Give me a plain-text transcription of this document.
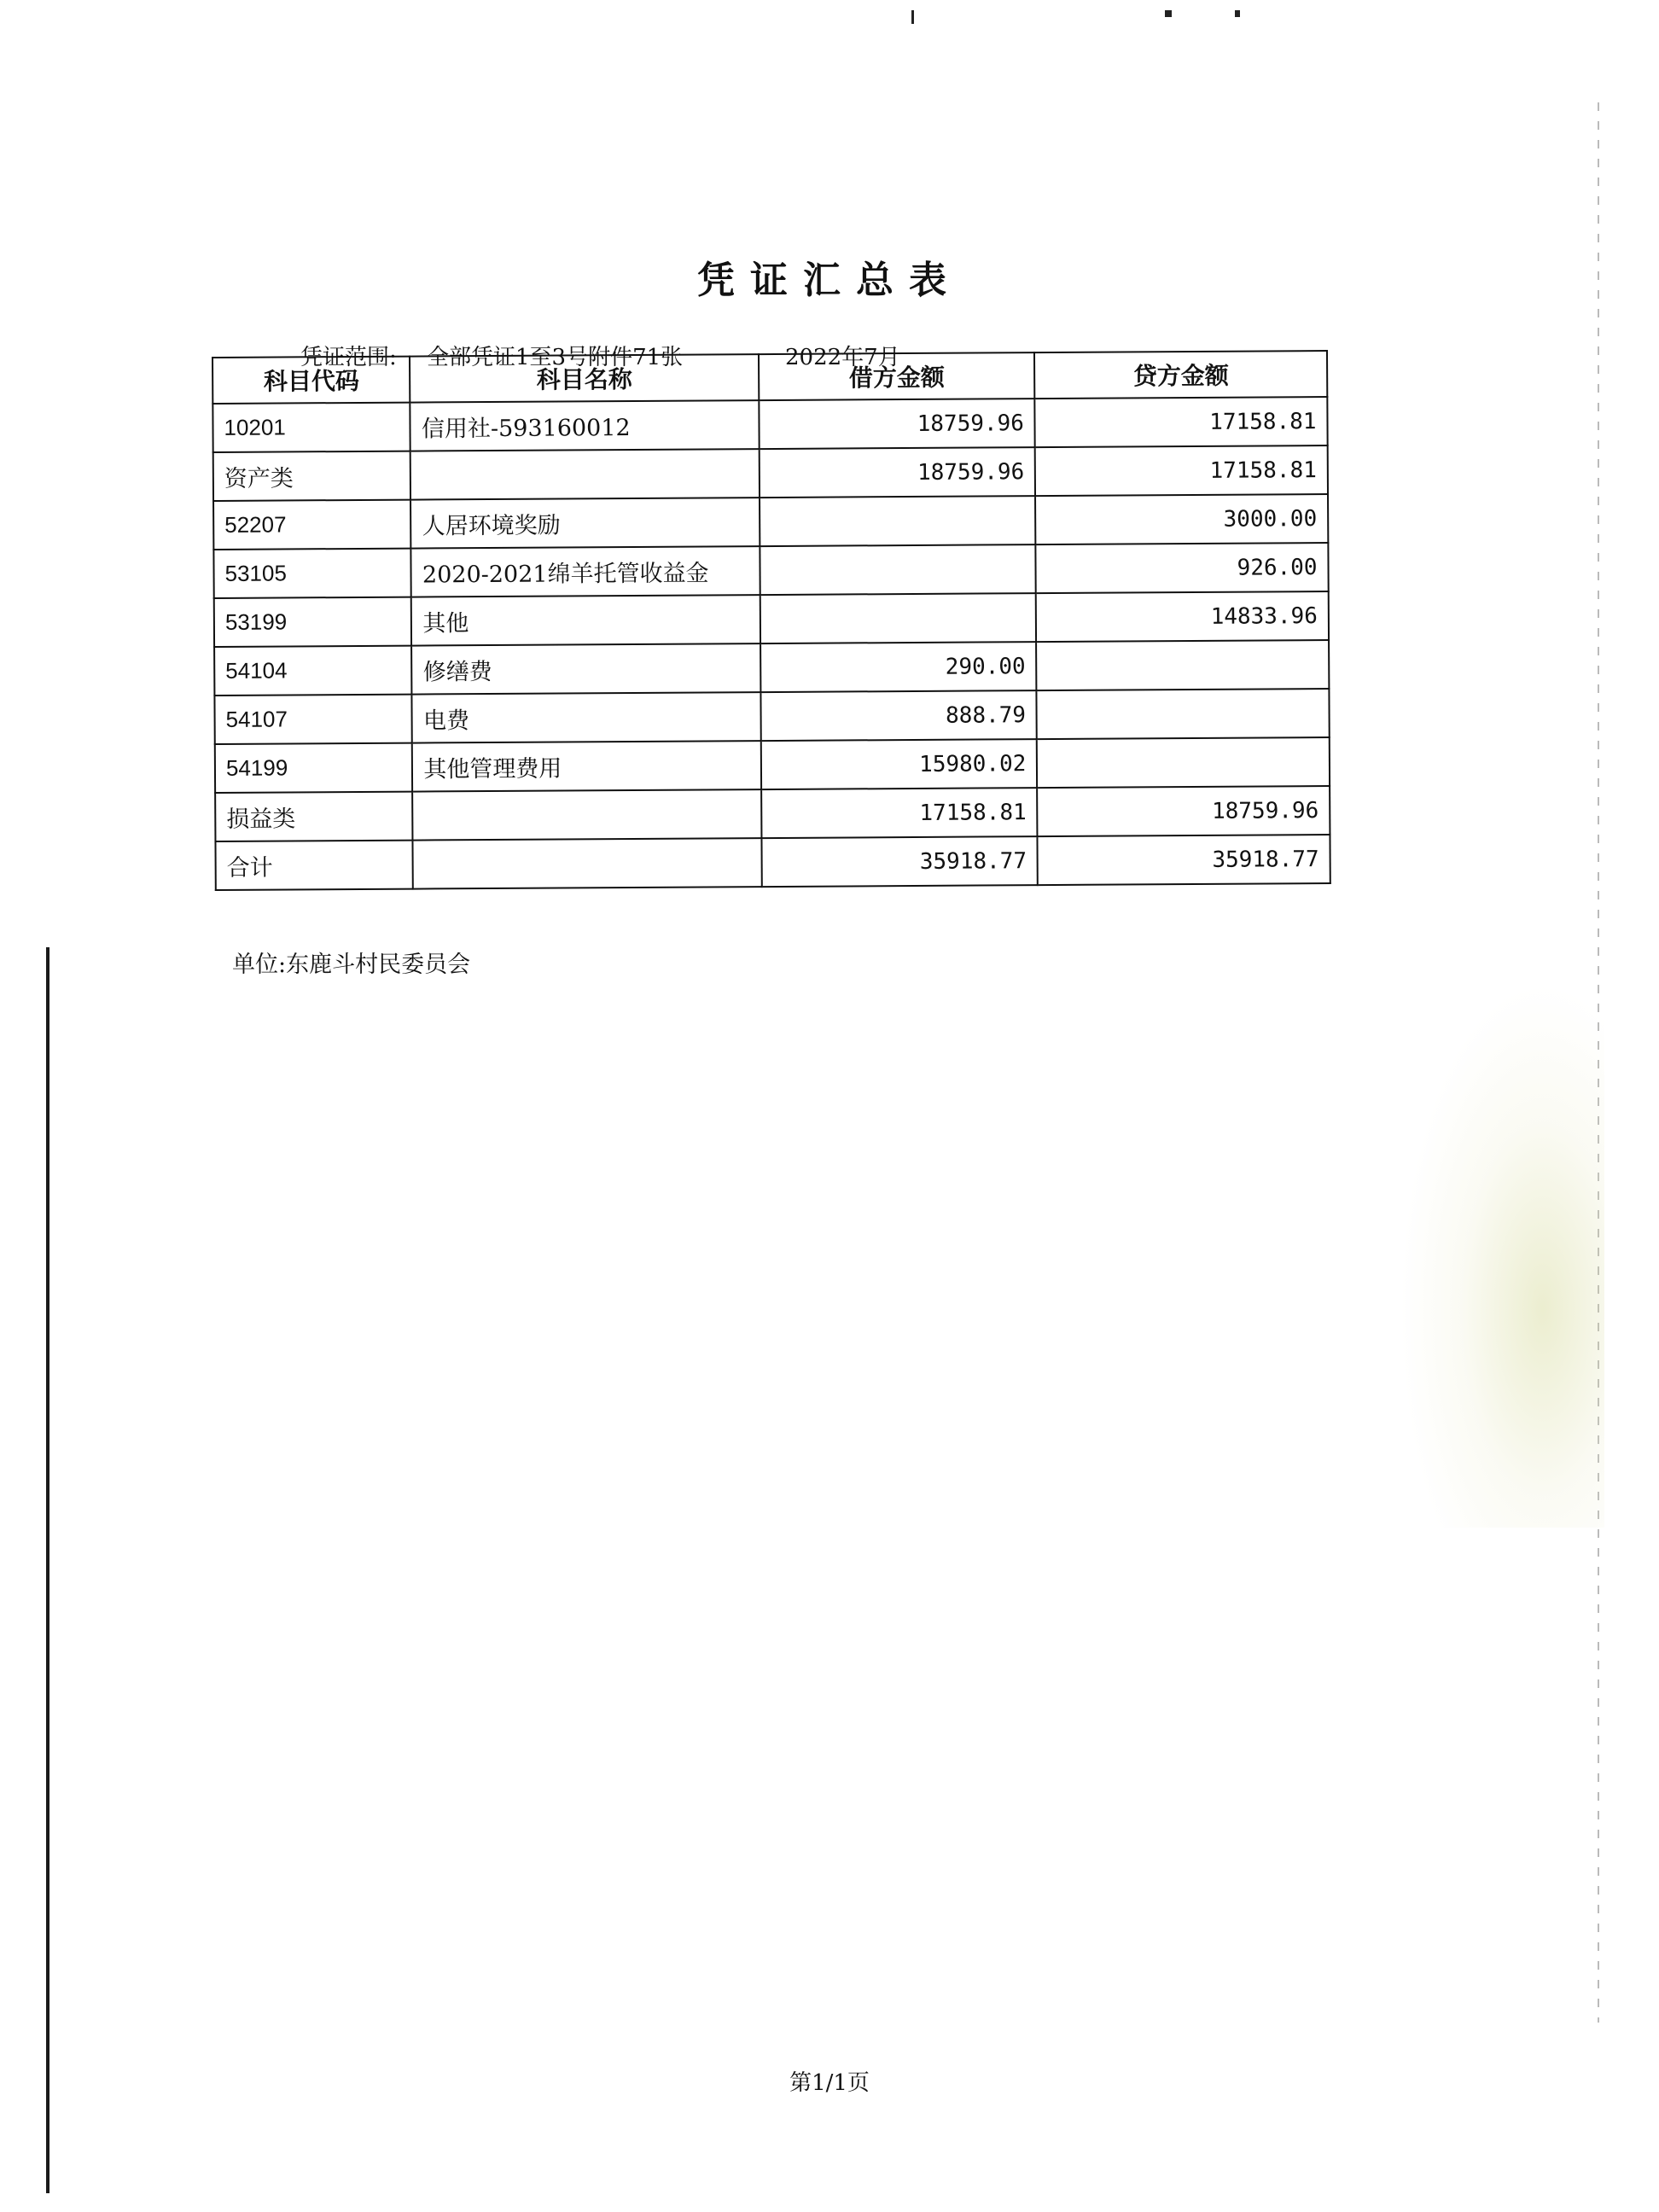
凭证汇总表
凭证范围: 全部凭证1至3号附件71张	2022年7月
科目代码	科目名称	借方金额	贷方金额
10201	信用社-593160012	18759.96	17158.81
资产类		18759.96	17158.81
52207	人居环境奖励		3000.00
53105	2020-2021绵羊托管收益金		926.00
53199	其他		14833.96
54104	修缮费	290.00	
54107	电费	888.79	
54199	其他管理费用	15980.02	
损益类		17158.81	18759.96
合计		35918.77	35918.77
单位:东鹿斗村民委员会
第1/1页
